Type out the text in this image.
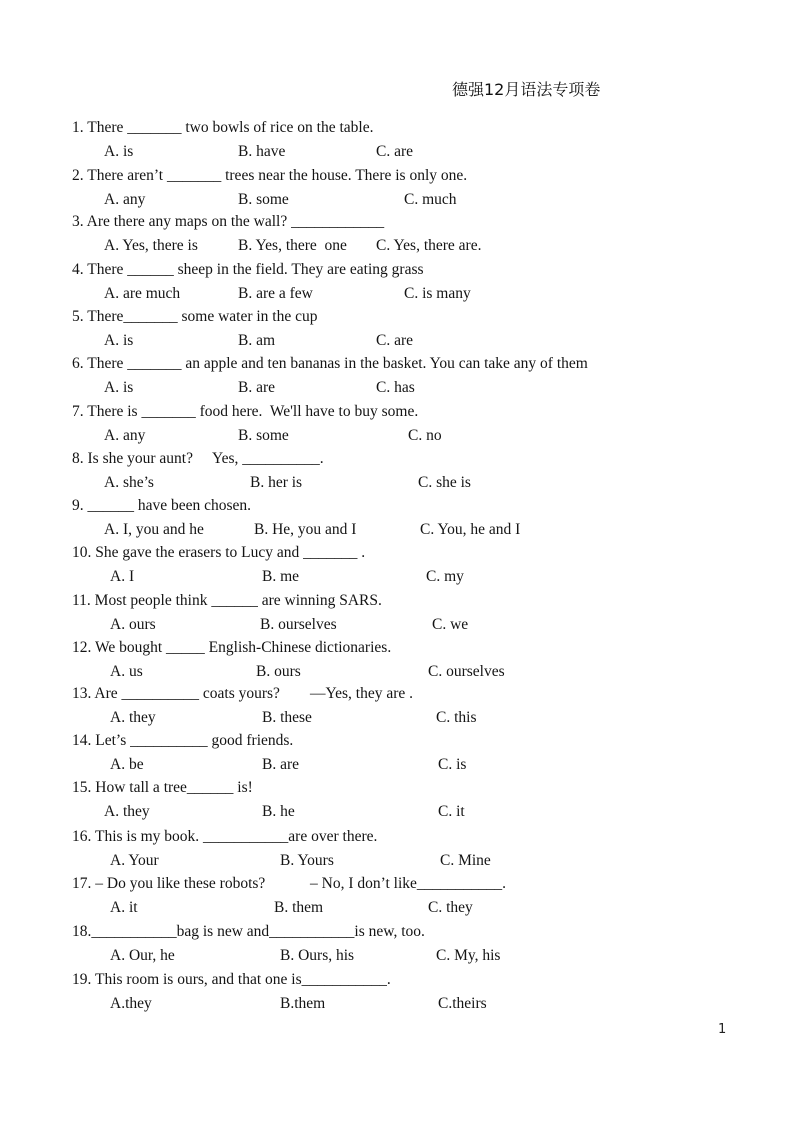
德强12月语法专项卷
1. There _______ two bowls of rice on the table.
A. is	B. have	C. are
2. There aren’t _______ trees near the house. There is only one.
A. any	B. some	C. much
3. Are there any maps on the wall? ____________
A. Yes, there is	B. Yes, there  one C. Yes, there are.
4. There ______ sheep in the field. They are eating grass
A. are much	B. are a few	C. is many
5. There_______ some water in the cup
A. is	B. am	C. are
6. There _______ an apple and ten bananas in the basket. You can take any of them
A. is	B. are	C. has
7. There is _______ food here.  We'll have to buy some.
A. any	B. some	C. no
8. Is she your aunt? Yes, __________.
A. she’s	B. her is	C. she is
9. ______ have been chosen.
A. I, you and he	B. He, you and I	C. You, he and I
10. She gave the erasers to Lucy and _______ .
A. I	B. me	C. my
11. Most people think ______ are winning SARS.
A. ours	B. ourselves	C. we
12. We bought _____ English-Chinese dictionaries.
A. us	B. ours	C. ourselves
13. Are __________ coats yours? —Yes, they are .
A. they	B. these	C. this
14. Let’s __________ good friends.
A. be	B. are	C. is
15. How tall a tree______ is!
A. they	B. he	C. it
16. This is my book. ___________are over there.
A. Your	B. Yours	C. Mine
17. – Do you like these robots?	– No, I don’t like___________.
A. it	B. them	C. they
18.___________bag is new and___________is new, too.
A. Our, he	B. Ours, his	C. My, his
19. This room is ours, and that one is___________.
A.they	B.them	C.theirs
1
